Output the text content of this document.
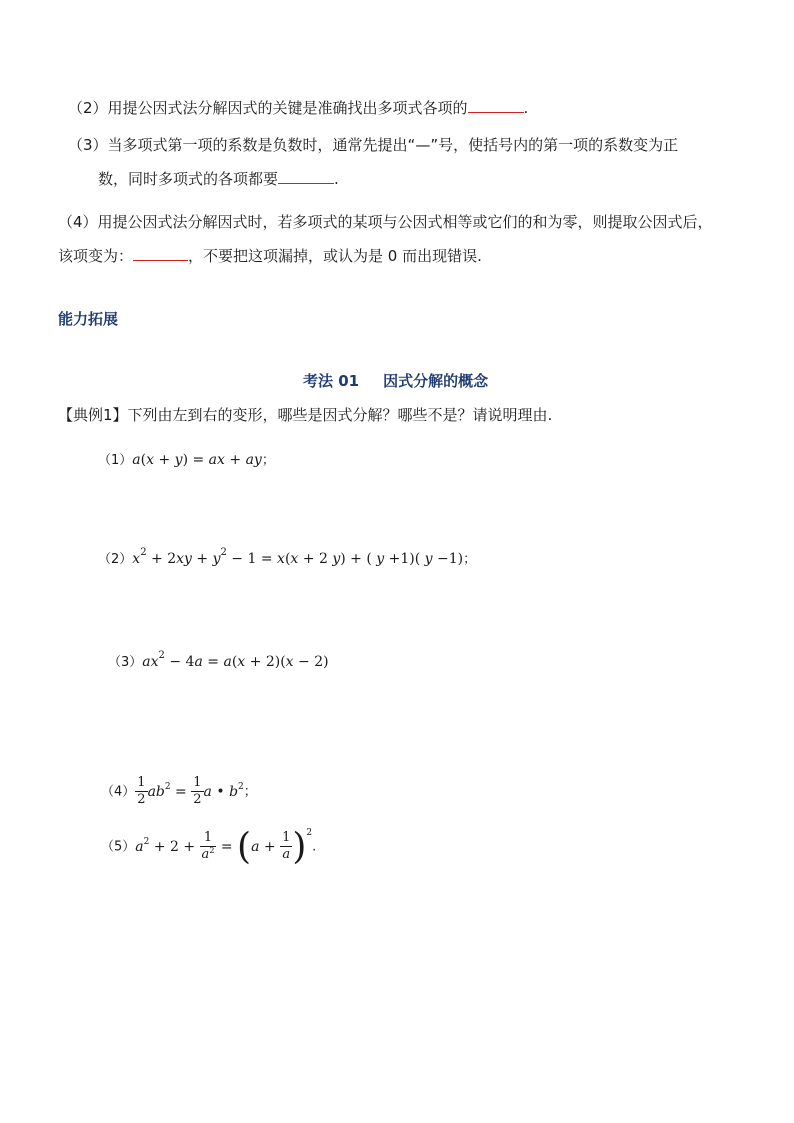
（2）用提公因式法分解因式的关键是准确找出多项式各项的	.
（3）当多项式第一项的系数是负数时，通常先提出“—”号，使括号内的第一项的系数变为正
数，同时多项式的各项都要	.
（4）用提公因式法分解因式时，若多项式的某项与公因式相等或它们的和为零，则提取公因式后，
该项变为：	，不要把这项漏掉，或认为是 0 而出现错误.
能力拓展
考法 01 因式分解的概念
【典例1】下列由左到右的变形，哪些是因式分解？哪些不是？请说明理由.
（1）a(x + y) = ax + ay；
$(2)x^2 + 2xy + y^2 - 1 = x(x + 2$ y) + ( y +1)( y −1)；
$(3)ax^2 - 4a = a(x + 2)(x - 2)$
$(4) \frac{1}{2} ab^2 = \frac{1}{2}$ a • $b^2$；
$(5)a^2 + 2 + \frac{1}{a^2} = (a + \frac{1}{a} )^2$.
